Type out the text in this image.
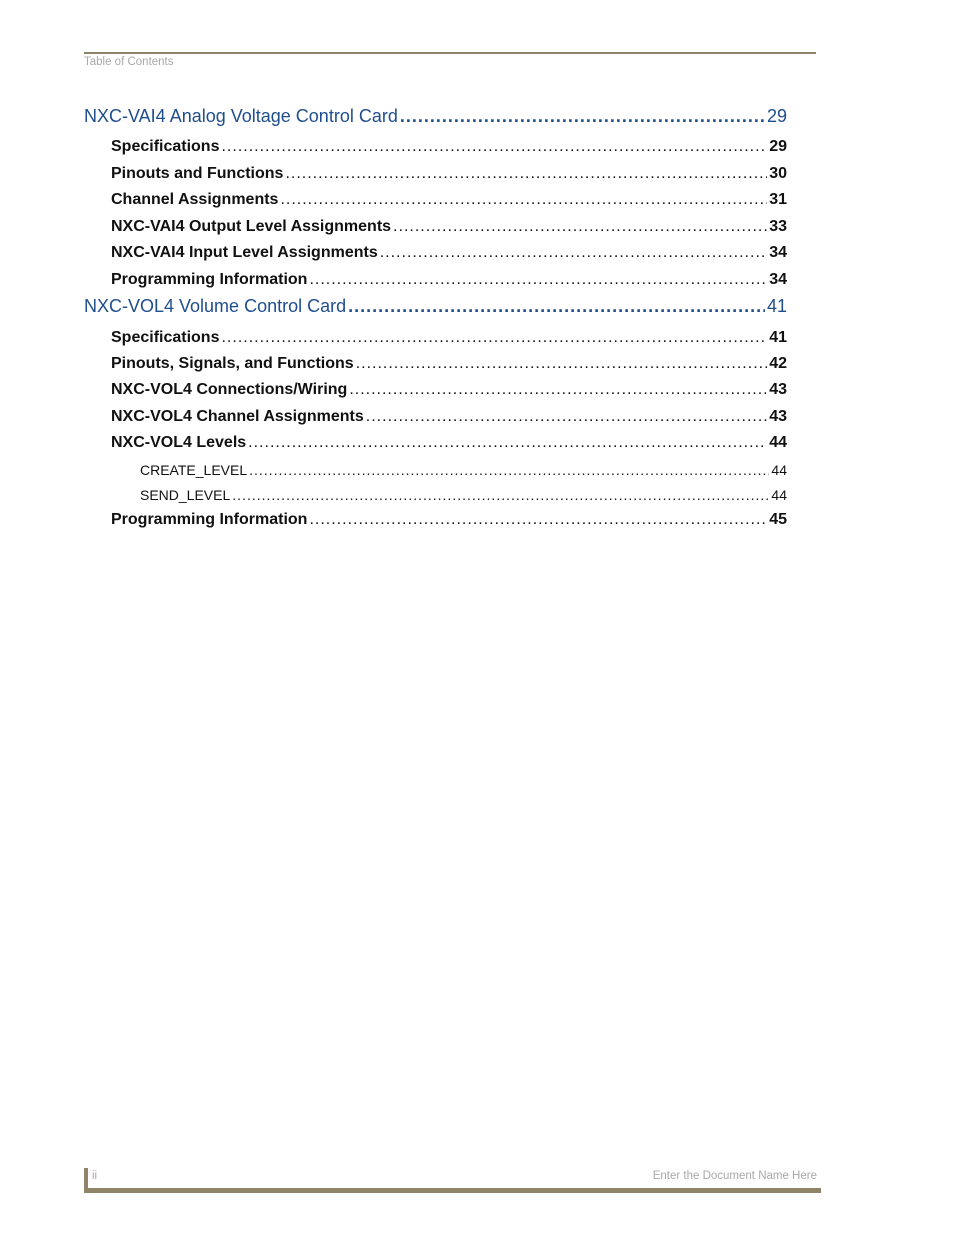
Table of Contents
NXC-VAI4 Analog Voltage Control Card .....	29
Specifications .....	29
Pinouts and Functions .....	30
Channel Assignments .....	31
NXC-VAI4 Output Level Assignments .....	33
NXC-VAI4 Input Level Assignments .....	34
Programming Information .....	34
NXC-VOL4 Volume Control Card .....	41
Specifications .....	41
Pinouts, Signals, and Functions .....	42
NXC-VOL4 Connections/Wiring .....	43
NXC-VOL4 Channel Assignments .....	43
NXC-VOL4 Levels .....	44
CREATE_LEVEL .....	44
SEND_LEVEL .....	44
Programming Information .....	45
ii	Enter the Document Name Here
